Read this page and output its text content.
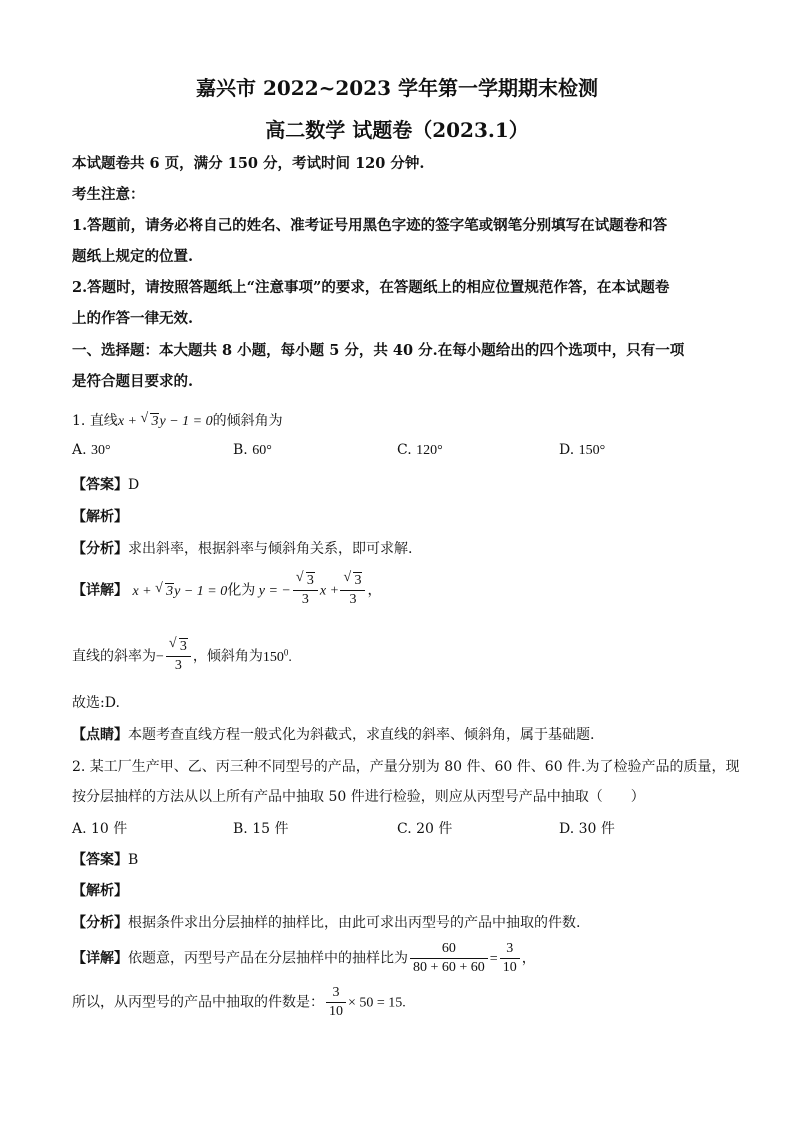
嘉兴市 2022~2023 学年第一学期期末检测
高二数学 试题卷（2023.1）
本试题卷共 6 页，满分 150 分，考试时间 120 分钟.
考生注意：
1.答题前，请务必将自己的姓名、准考证号用黑色字迹的签字笔或钢笔分别填写在试题卷和答
题纸上规定的位置.
2.答题时，请按照答题纸上“注意事项”的要求，在答题纸上的相应位置规范作答，在本试题卷
上的作答一律无效.
一、选择题：本大题共 8 小题，每小题 5 分，共 40 分.在每小题给出的四个选项中，只有一项
是符合题目要求的.
1. 直线x + √ 3y − 1 = 0的倾斜角为
A. 30°	B. 60°	C. 120°	D. 150°
【答案】D
【解析】
【分析】求出斜率，根据斜率与倾斜角关系，即可求解.
【详解】 x + √ 3y − 1 = 0化为 y = − $\frac{√ 3}{3}$ $x + \frac{√ 3}{3}$ ，
直线的斜率为− $\frac{√ 3}{3}$ ，倾斜角为$150^0$.
故选:D.
【点睛】本题考查直线方程一般式化为斜截式，求直线的斜率、倾斜角，属于基础题.
2. 某工厂生产甲、乙、丙三种不同型号的产品，产量分别为 80 件、60 件、60 件.为了检验产品的质量，现
按分层抽样的方法从以上所有产品中抽取 50 件进行检验，则应从丙型号产品中抽取（　　）
A. 10 件	B. 15 件	C. 20 件	D. 30 件
【答案】B
【解析】
【分析】根据条件求出分层抽样的抽样比，由此可求出丙型号的产品中抽取的件数.
【详解】依题意，丙型号产品在分层抽样中的抽样比为 $\frac{60}{80 + 60 + 60} = \frac{3}{10}$ ，
所以，从丙型号的产品中抽取的件数是： $\frac{3}{10} \times 50 = 15$.
